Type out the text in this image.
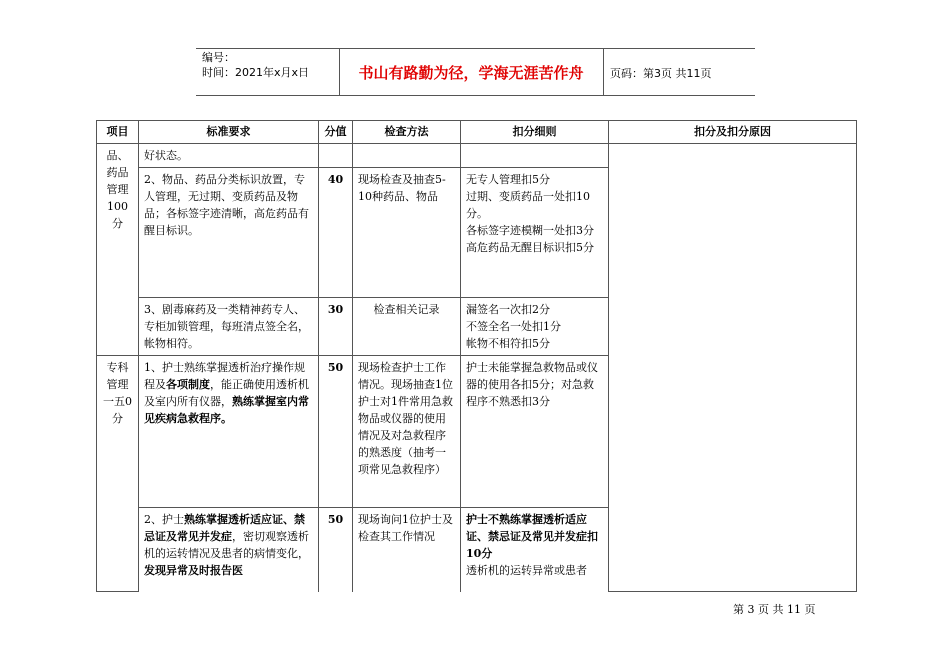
编号：
时间：2021年x月x日	书山有路勤为径，学海无涯苦作舟	页码：第3页 共11页
项目	标准要求	分值	检查方法	扣分细则	扣分及扣分原因
品、药品管理100分	好状态。				
	2、物品、药品分类标识放置，专人管理，无过期、变质药品及物品；各标签字迹清晰，高危药品有醒目标识。	40	现场检查及抽查5-10种药品、物品	无专人管理扣5分
过期、变质药品一处扣10分。
各标签字迹模糊一处扣3分
高危药品无醒目标识扣5分	

	3、剧毒麻药及一类精神药专人、专柜加锁管理，每班清点签全名，帐物相符。	30	检查相关记录	漏签名一次扣2分
不签全名一处扣1分
帐物不相符扣5分	

专科管理一五0分	1、护士熟练掌握透析治疗操作规程及各项制度，能正确使用透析机及室内所有仪器，熟练掌握室内常见疾病急救程序。	50	现场检查护士工作情况。现场抽查1位护士对1件常用急救物品或仪器的使用情况及对急救程序的熟悉度（抽考一项常见急救程序）	护士未能掌握急救物品或仪器的使用各扣5分；对急救
程序不熟悉扣3分	

	2、护士熟练掌握透析适应证、禁忌证及常见并发症，密切观察透析机的运转情况及患者的病情变化，发现异常及时报告医	50	现场询问1位护士及检查其工作情况	护士不熟练掌握透析适应证、禁忌证及常见并发症扣10分
透析机的运转异常或患者	
第 3 页 共 11 页
